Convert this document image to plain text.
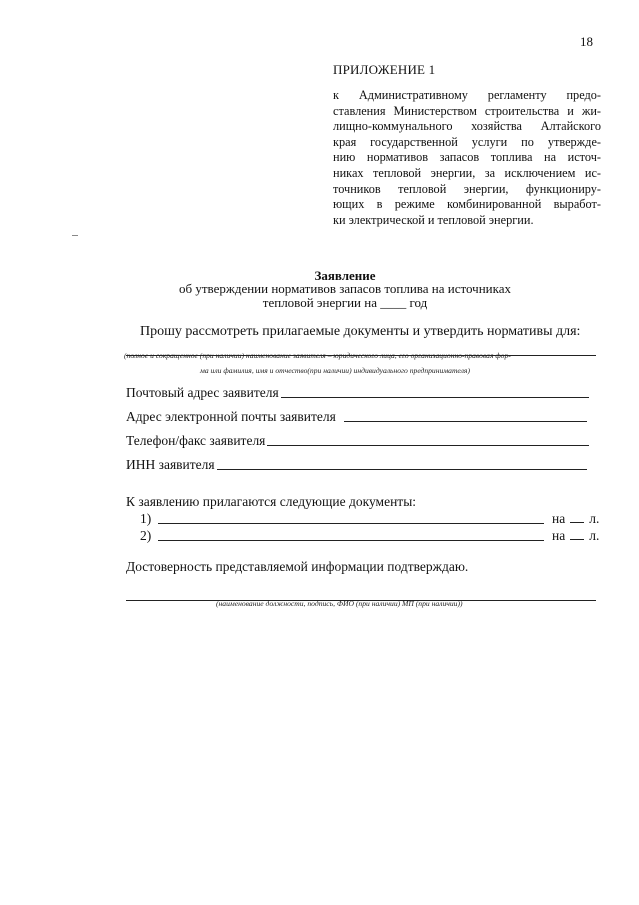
18
ПРИЛОЖЕНИЕ 1
к Административному регламенту предо-
ставления Министерством строительства и жи-
лищно-коммунального хозяйства Алтайского
края государственной услуги по утвержде-
нию нормативов запасов топлива на источ-
никах тепловой энергии, за исключением ис-
точников тепловой энергии, функциониру-
ющих в режиме комбинированной выработ-
ки электрической и тепловой энергии.
Заявление
об утверждении нормативов запасов топлива на источниках
тепловой энергии на ____ год
Прошу рассмотреть прилагаемые документы и утвердить нормативы для:
(полное и сокращенное (при наличии) наименование заявителя – юридического лица, его организационно-правовая фор-
ма или фамилия, имя и отчество(при наличии) индивидуального предпринимателя)
Почтовый адрес заявителя
Адрес электронной почты заявителя
Телефон/факс заявителя
ИНН заявителя
К заявлению прилагаются следующие документы:
1)	на л.
2)	на л.
Достоверность представляемой информации подтверждаю.
(наименование должности, подпись, ФИО (при наличии) МП (при наличии))
